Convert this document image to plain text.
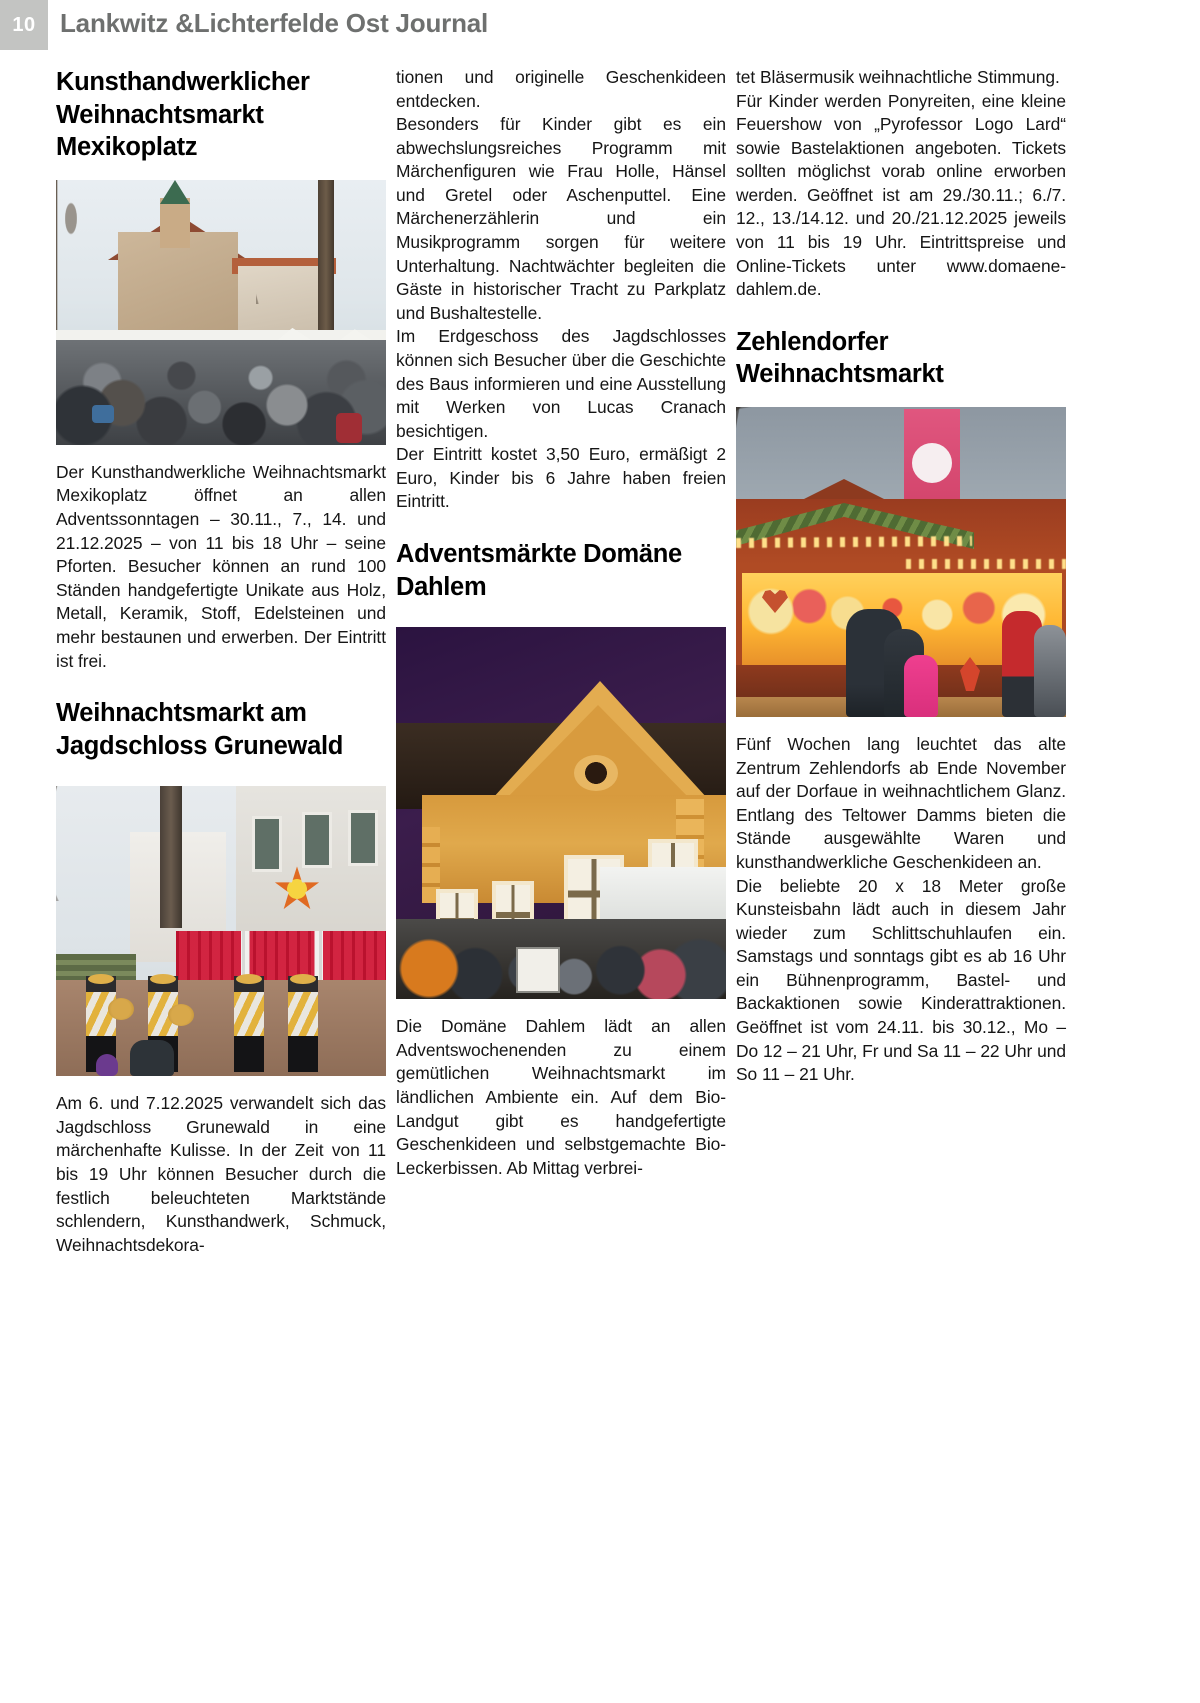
10 Lankwitz &Lichterfelde Ost Journal
Kunsthandwerklicher Weihnachtsmarkt Mexikoplatz

Der Kunsthandwerkliche Weihnachtsmarkt Mexikoplatz öffnet an allen Adventssonntagen – 30.11., 7., 14. und 21.12.2025 – von 11 bis 18 Uhr – seine Pforten. Besucher können an rund 100 Ständen handgefertigte Unikate aus Holz, Metall, Keramik, Stoff, Edelsteinen und mehr bestaunen und erwerben. Der Eintritt ist frei.

Weihnachtsmarkt am Jagdschloss Grunewald

Am 6. und 7.12.2025 verwandelt sich das Jagdschloss Grunewald in eine märchenhafte Kulisse. In der Zeit von 11 bis 19 Uhr können Besucher durch die festlich beleuchteten Marktstände schlendern, Kunsthandwerk, Schmuck, Weihnachtsdekora-

tionen und originelle Geschenkideen entdecken.

Besonders für Kinder gibt es ein abwechslungsreiches Programm mit Märchenfiguren wie Frau Holle, Hänsel und Gretel oder Aschenputtel. Eine Märchenerzählerin und ein Musikprogramm sorgen für weitere Unterhaltung. Nachtwächter begleiten die Gäste in historischer Tracht zu Parkplatz und Bushaltestelle.

Im Erdgeschoss des Jagdschlosses können sich Besucher über die Geschichte des Baus informieren und eine Ausstellung mit Werken von Lucas Cranach besichtigen.

Der Eintritt kostet 3,50 Euro, ermäßigt 2 Euro, Kinder bis 6 Jahre haben freien Eintritt.

Adventsmärkte Domäne Dahlem

Die Domäne Dahlem lädt an allen Adventswochenenden zu einem gemütlichen Weihnachtsmarkt im ländlichen Ambiente ein. Auf dem Bio-Landgut gibt es handgefertigte Geschenkideen und selbstgemachte Bio-Leckerbissen. Ab Mittag verbrei-

tet Bläsermusik weihnachtliche Stimmung.

Für Kinder werden Ponyreiten, eine kleine Feuershow von „Pyrofessor Logo Lard“ sowie Bastelaktionen angeboten. Tickets sollten möglichst vorab online erworben werden. Geöffnet ist am 29./30.11.; 6./7. 12., 13./14.12. und 20./21.12.2025 jeweils von 11 bis 19 Uhr. Eintrittspreise und Online-Tickets unter www.domaene-dahlem.de.

Zehlendorfer Weihnachtsmarkt

Fünf Wochen lang leuchtet das alte Zentrum Zehlendorfs ab Ende November auf der Dorfaue in weihnachtlichem Glanz. Entlang des Teltower Damms bieten die Stände ausgewählte Waren und kunsthandwerkliche Geschenkideen an.

Die beliebte 20 x 18 Meter große Kunsteisbahn lädt auch in diesem Jahr wieder zum Schlittschuhlaufen ein. Samstags und sonntags gibt es ab 16 Uhr ein Bühnenprogramm, Bastel- und Backaktionen sowie Kinderattraktionen. Geöffnet ist vom 24.11. bis 30.12., Mo – Do 12 – 21 Uhr, Fr und Sa 11 – 22 Uhr und So 11 – 21 Uhr.
